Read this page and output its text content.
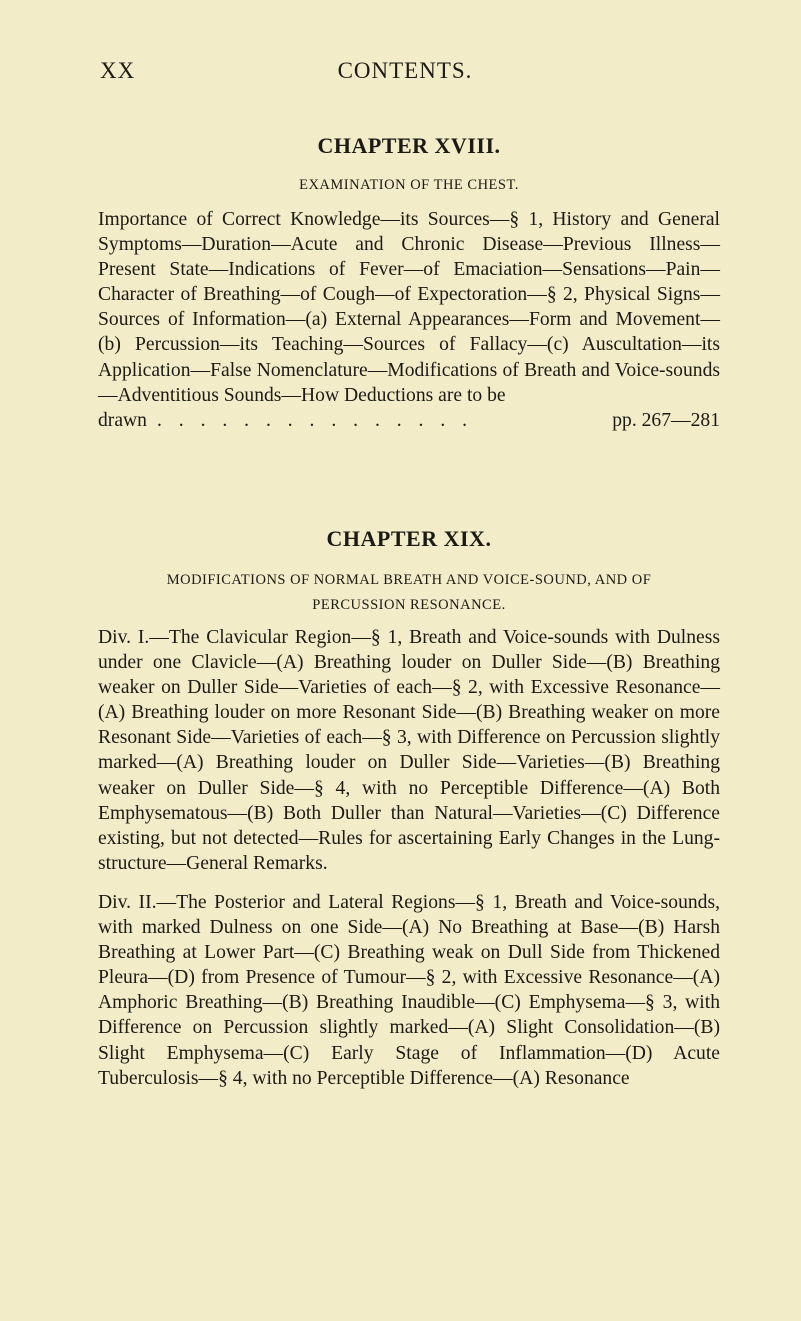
XX	CONTENTS.
CHAPTER XVIII.

EXAMINATION OF THE CHEST.

Importance of Correct Knowledge—its Sources—§ 1, History and General Symptoms—Duration—Acute and Chronic Disease—Previous Illness—Present State—Indications of Fever—of Emaciation—Sensations—Pain—Character of Breathing—of Cough—of Expectoration—§ 2, Physical Signs—Sources of Information—(a) External Appearances—Form and Movement—(b) Percussion—its Teaching—Sources of Fallacy—(c) Auscultation—its Application—False Nomenclature—Modifications of Breath and Voice-sounds—Adventitious Sounds—How Deductions are to be

drawn . . . . . . . . . . . . . . .	pp. 267—281
CHAPTER XIX.

MODIFICATIONS OF NORMAL BREATH AND VOICE-SOUND, AND OF

PERCUSSION RESONANCE.

Div. I.—The Clavicular Region—§ 1, Breath and Voice-sounds with Dulness under one Clavicle—(A) Breathing louder on Duller Side—(B) Breathing weaker on Duller Side—Varieties of each—§ 2, with Excessive Resonance—(A) Breathing louder on more Resonant Side—(B) Breathing weaker on more Resonant Side—Varieties of each—§ 3, with Difference on Percussion slightly marked—(A) Breathing louder on Duller Side—Varieties—(B) Breathing weaker on Duller Side—§ 4, with no Perceptible Difference—(A) Both Emphysematous—(B) Both Duller than Natural—Varieties—(C) Difference existing, but not detected—Rules for ascertaining Early Changes in the Lung-structure—General Remarks.

Div. II.—The Posterior and Lateral Regions—§ 1, Breath and Voice-sounds, with marked Dulness on one Side—(A) No Breathing at Base—(B) Harsh Breathing at Lower Part—(C) Breathing weak on Dull Side from Thickened Pleura—(D) from Presence of Tumour—§ 2, with Excessive Resonance—(A) Amphoric Breathing—(B) Breathing Inaudible—(C) Emphysema—§ 3, with Difference on Percussion slightly marked—(A) Slight Consolidation—(B) Slight Emphysema—(C) Early Stage of Inflammation—(D) Acute Tuberculosis—§ 4, with no Perceptible Difference—(A) Resonance
